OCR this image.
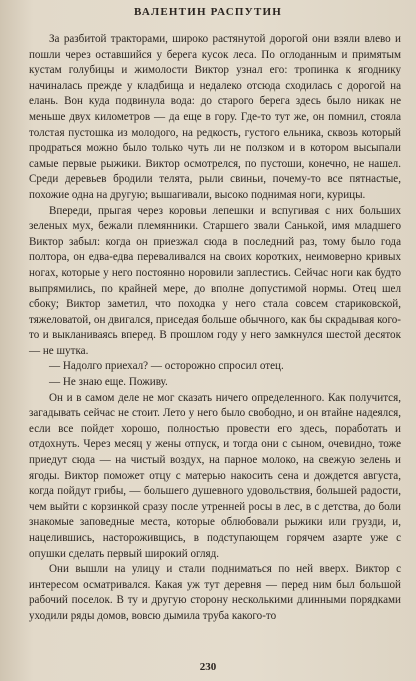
ВАЛЕНТИН РАСПУТИН

За разбитой тракторами, широко растянутой дорогой они взяли влево и пошли через оставшийся у берега кусок леса. По оглоданным и примятым кустам голубицы и жимолости Виктор узнал его: тропинка к ягоднику начиналась прежде у кладбища и недалеко отсюда сходилась с дорогой на елань. Вон куда подвинула вода: до старого берега здесь было никак не меньше двух километров — да еще в гору. Где-то тут же, он помнил, стояла толстая пустошка из молодого, на редкость, густого ельника, сквозь который продраться можно было только чуть ли не ползком и в котором высыпали самые первые рыжики. Виктор осмотрелся, по пустоши, конечно, не нашел. Среди деревьев бродили телята, рыли свиньи, почему-то все пятнастые, похожие одна на другую; вышагивали, высоко поднимая ноги, курицы.

Впереди, прыгая через коровьи лепешки и вспугивая с них больших зеленых мух, бежали племянники. Старшего звали Санькой, имя младшего Виктор забыл: когда он приезжал сюда в последний раз, тому было года полтора, он едва-едва переваливался на своих коротких, неимоверно кривых ногах, которые у него постоянно норовили заплестись. Сейчас ноги как будто выпрямились, по крайней мере, до вполне допустимой нормы. Отец шел сбоку; Виктор заметил, что походка у него стала совсем стариковской, тяжеловатой, он двигался, приседая больше обычного, как бы скрадывая кого-то и выкланиваясь вперед. В прошлом году у него замкнулся шестой десяток — не шутка.

— Надолго приехал? — осторожно спросил отец.

— Не знаю еще. Поживу.

Он и в самом деле не мог сказать ничего определенного. Как получится, загадывать сейчас не стоит. Лето у него было свободно, и он втайне надеялся, если все пойдет хорошо, полностью провести его здесь, поработать и отдохнуть. Через месяц у жены отпуск, и тогда они с сыном, очевидно, тоже приедут сюда — на чистый воздух, на парное молоко, на свежую зелень и ягоды. Виктор поможет отцу с матерью накосить сена и дождется августа, когда пойдут грибы, — большего душевного удовольствия, большей радости, чем выйти с корзинкой сразу после утренней росы в лес, в с детства, до боли знакомые заповедные места, которые облюбовали рыжики или грузди, и, нацелившись, настороживщись, в подступающем горячем азарте уже с опушки сделать первый широкий огляд.

Они вышли на улицу и стали подниматься по ней вверх. Виктор с интересом осматривался. Какая уж тут деревня — перед ним был большой рабочий поселок. В ту и другую сторону несколькими длинными порядками уходили ряды домов, вовсю дымила труба какого-то

230
